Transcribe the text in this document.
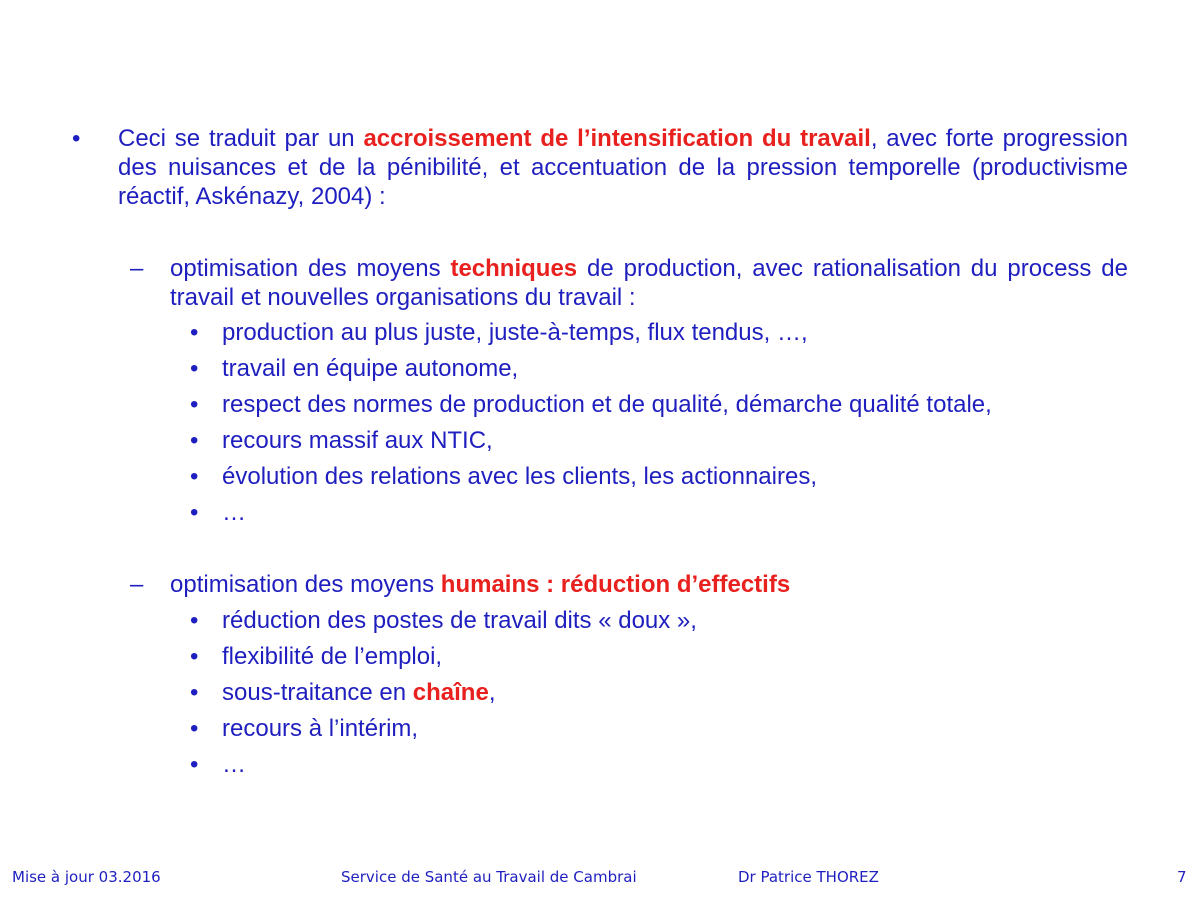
• Ceci se traduit par un accroissement de l’intensification du travail, avec forte progression des nuisances et de la pénibilité, et accentuation de la pression temporelle (productivisme réactif, Askénazy, 2004) :
– optimisation des moyens techniques de production, avec rationalisation du process de travail et nouvelles organisations du travail :
• production au plus juste, juste-à-temps, flux tendus, …,
• travail en équipe autonome,
• respect des normes de production et de qualité, démarche qualité totale,
• recours massif aux NTIC,
• évolution des relations avec les clients, les actionnaires,
• …
– optimisation des moyens humains : réduction d’effectifs
• réduction des postes de travail dits « doux »,
• flexibilité de l’emploi,
• sous-traitance en chaîne,
• recours à l’intérim,
• …
Mise à jour 03.2016	Service de Santé au Travail de Cambrai	Dr Patrice THOREZ	7
